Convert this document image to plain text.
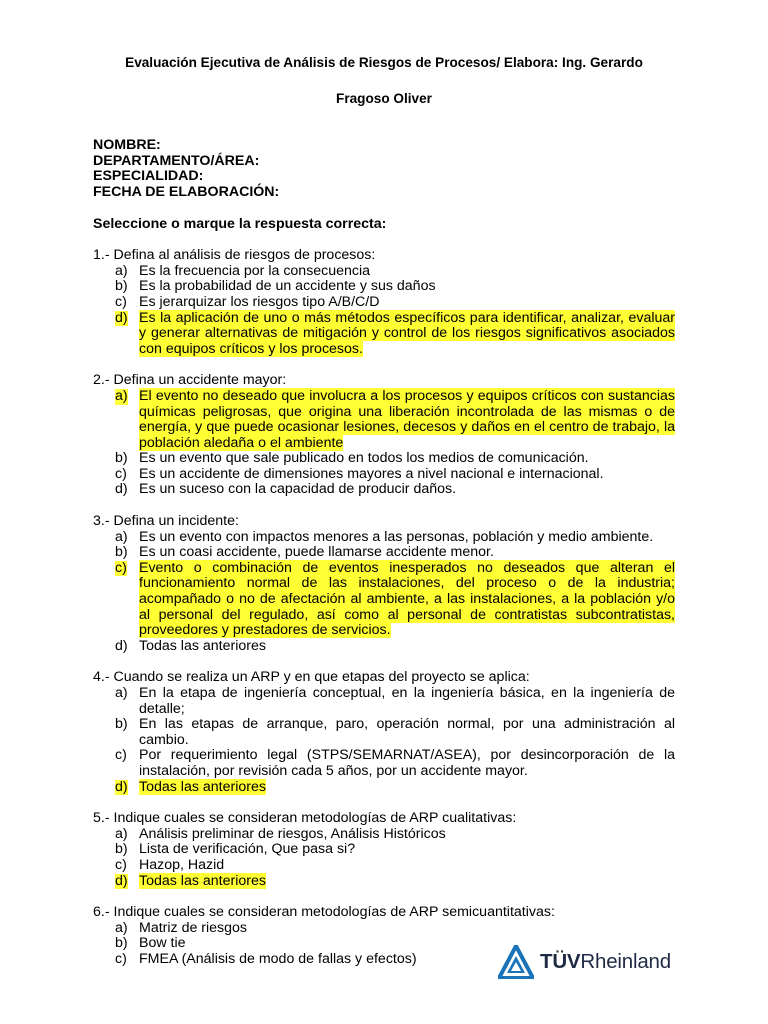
Evaluación Ejecutiva de Análisis de Riesgos de Procesos/ Elabora: Ing. Gerardo
Fragoso Oliver
NOMBRE:
DEPARTAMENTO/ÁREA:
ESPECIALIDAD:
FECHA DE ELABORACIÓN:
Seleccione o marque la respuesta correcta:
1.- Defina al análisis de riesgos de procesos:
a) Es la frecuencia por la consecuencia
b) Es la probabilidad de un accidente y sus daños
c) Es jerarquizar los riesgos tipo A/B/C/D
d) Es la aplicación de uno o más métodos específicos para identificar, analizar, evaluar y generar alternativas de mitigación y control de los riesgos significativos asociados con equipos críticos y los procesos.
2.- Defina un accidente mayor:
a) El evento no deseado que involucra a los procesos y equipos críticos con sustancias químicas peligrosas, que origina una liberación incontrolada de las mismas o de energía, y que puede ocasionar lesiones, decesos y daños en el centro de trabajo, la población aledaña o el ambiente
b) Es un evento que sale publicado en todos los medios de comunicación.
c) Es un accidente de dimensiones mayores a nivel nacional e internacional.
d) Es un suceso con la capacidad de producir daños.
3.- Defina un incidente:
a) Es un evento con impactos menores a las personas, población y medio ambiente.
b) Es un coasi accidente, puede llamarse accidente menor.
c) Evento o combinación de eventos inesperados no deseados que alteran el funcionamiento normal de las instalaciones, del proceso o de la industria; acompañado o no de afectación al ambiente, a las instalaciones, a la población y/o al personal del regulado, así como al personal de contratistas subcontratistas, proveedores y prestadores de servicios.
d) Todas las anteriores
4.- Cuando se realiza un ARP y en que etapas del proyecto se aplica:
a) En la etapa de ingeniería conceptual, en la ingeniería básica, en la ingeniería de detalle;
b) En las etapas de arranque, paro, operación normal, por una administración al cambio.
c) Por requerimiento legal (STPS/SEMARNAT/ASEA), por desincorporación de la instalación, por revisión cada 5 años, por un accidente mayor.
d) Todas las anteriores
5.- Indique cuales se consideran metodologías de ARP cualitativas:
a) Análisis preliminar de riesgos, Análisis Históricos
b) Lista de verificación, Que pasa si?
c) Hazop, Hazid
d) Todas las anteriores
6.- Indique cuales se consideran metodologías de ARP semicuantitativas:
a) Matriz de riesgos
b) Bow tie
c) FMEA (Análisis de modo de fallas y efectos)	TÜVRheinland
